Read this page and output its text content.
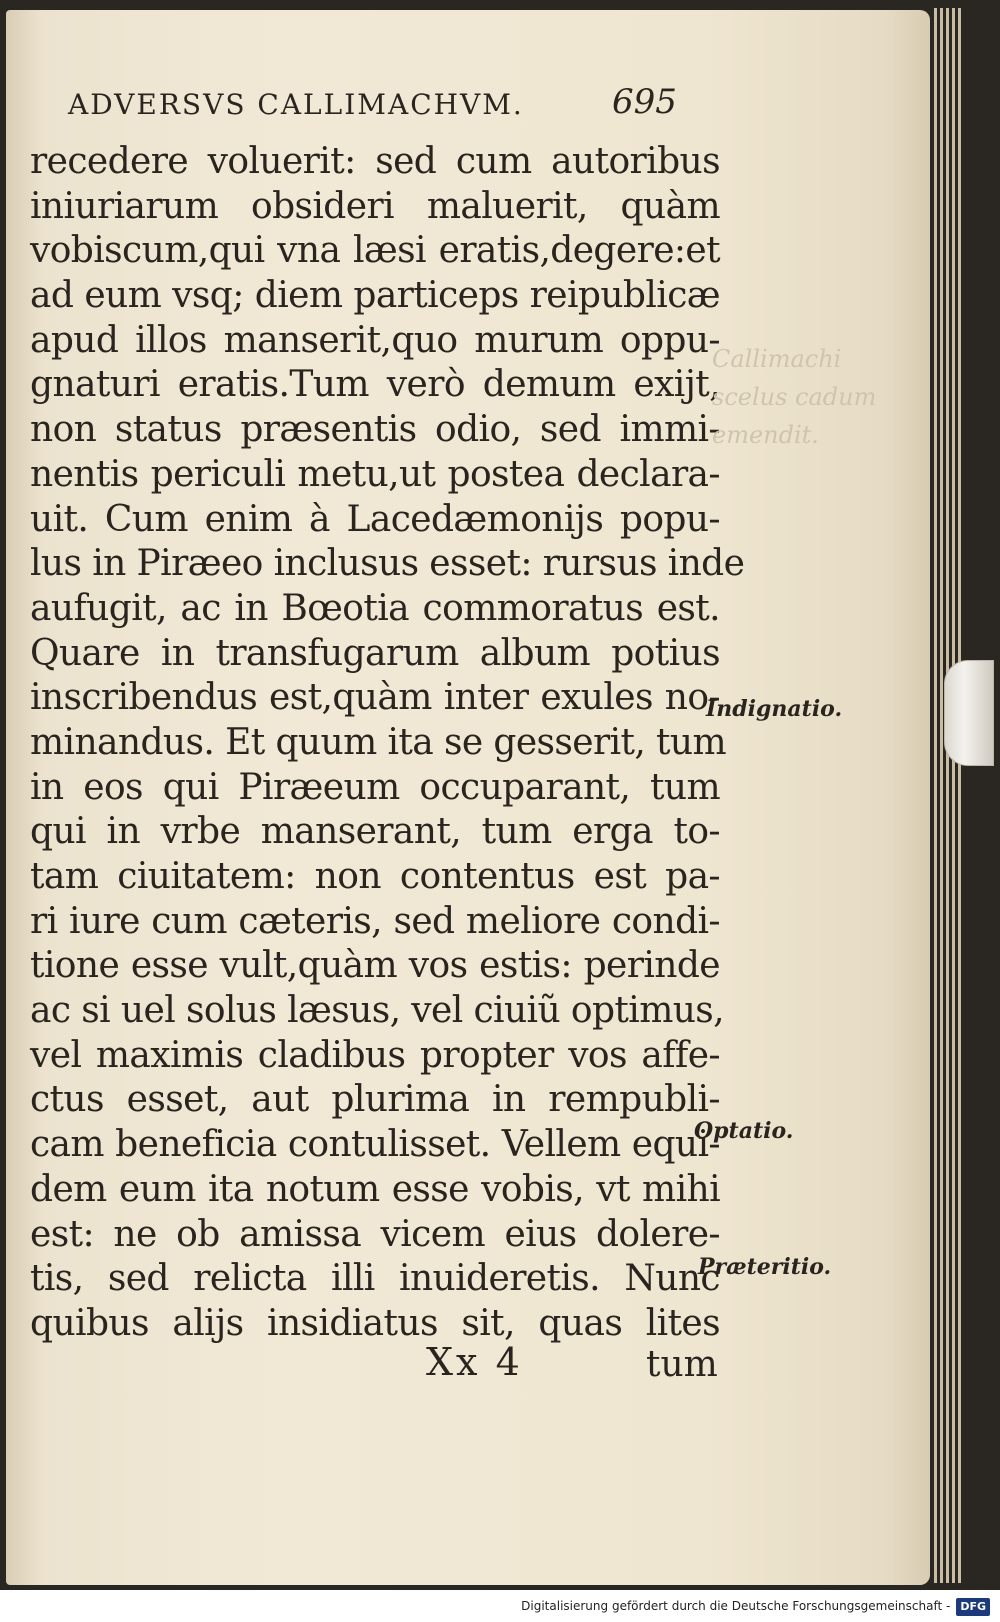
ADVERSVS CALLIMACHVM.	695
recedere voluerit: sed cum autoribus
iniuriarum obsideri maluerit, quàm
vobiscum,qui vna læsi eratis,degere:et
ad eum vsq; diem particeps reipublicæ
apud illos manserit,quo murum oppu-
gnaturi eratis.Tum verò demum exijt,
non status præsentis odio, sed immi-
nentis periculi metu,ut postea declara-
uit. Cum enim à Lacedæmonijs popu-
lus in Piræeo inclusus esset: rursus inde
aufugit, ac in Bœotia commoratus est.
Quare in transfugarum album potius
inscribendus est,quàm inter exules no-
minandus. Et quum ita se gesserit, tum
in eos qui Piræeum occuparant, tum
qui in vrbe manserant, tum erga to-
tam ciuitatem: non contentus est pa-
ri iure cum cæteris, sed meliore condi-
tione esse vult,quàm vos estis: perinde
ac si uel solus læsus, vel ciuiũ optimus,
vel maximis cladibus propter vos affe-
ctus esset, aut plurima in rempubli-
cam beneficia contulisset. Vellem equi-
dem eum ita notum esse vobis, vt mihi
est: ne ob amissa vicem eius dolere-
tis, sed relicta illi inuideretis. Nunc
quibus alijs insidiatus sit, quas lites
Callimachi
scelus cadum
emendit.
Indignatio.
Optatio.
Præteritio.
Xx 4	tum
Digitalisierung gefördert durch die Deutsche Forschungsgemeinschaft - DFG
